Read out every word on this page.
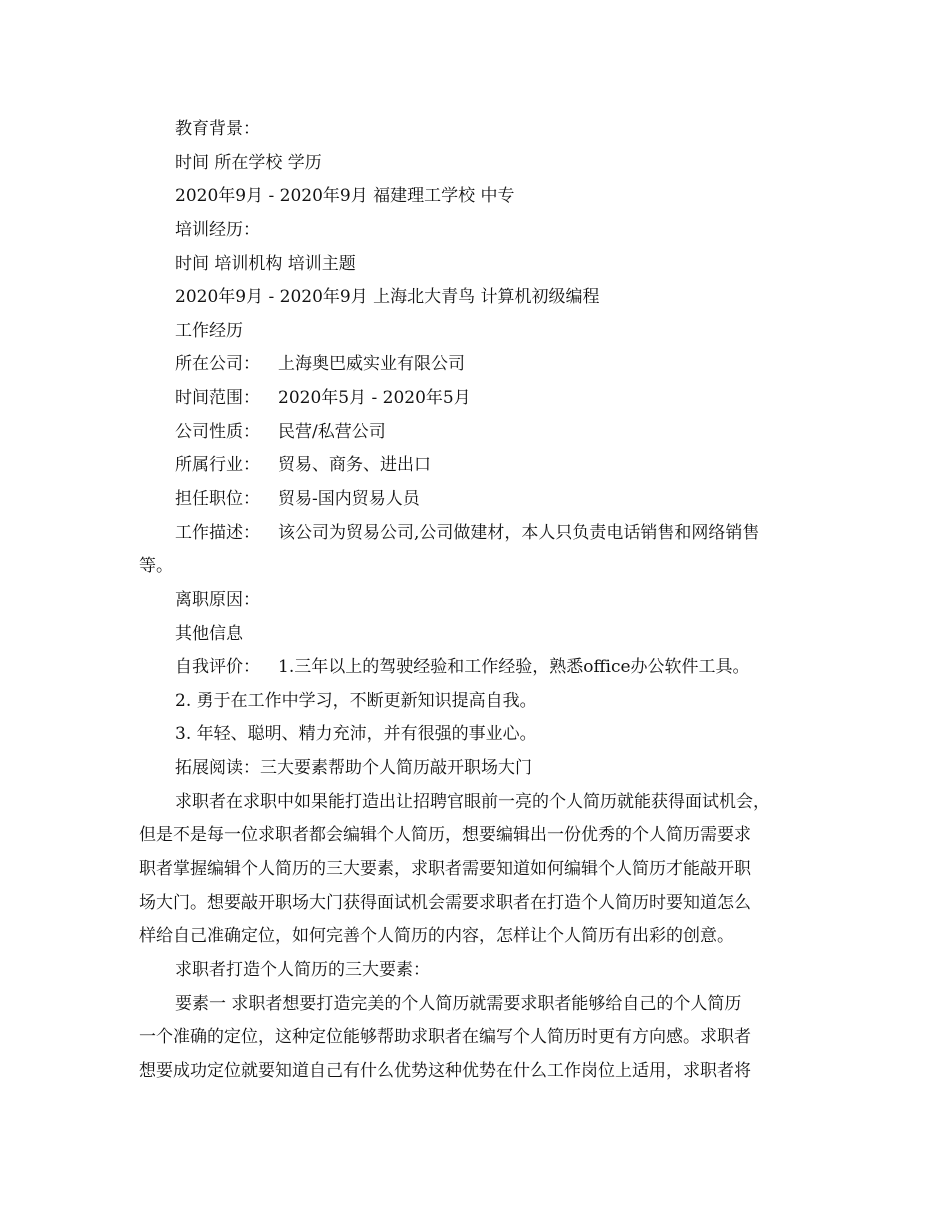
教育背景：
时间 所在学校 学历
2020年9月 - 2020年9月 福建理工学校 中专
培训经历：
时间 培训机构 培训主题
2020年9月 - 2020年9月 上海北大青鸟 计算机初级编程
工作经历
所在公司： 上海奥巴威实业有限公司
时间范围： 2020年5月 - 2020年5月
公司性质： 民营/私营公司
所属行业： 贸易、商务、进出口
担任职位： 贸易-国内贸易人员
工作描述： 该公司为贸易公司,公司做建材，本人只负责电话销售和网络销售
等。
离职原因：
其他信息
自我评价： 1.三年以上的驾驶经验和工作经验，熟悉office办公软件工具。
2. 勇于在工作中学习，不断更新知识提高自我。
3. 年轻、聪明、精力充沛，并有很强的事业心。
拓展阅读：三大要素帮助个人简历敲开职场大门
求职者在求职中如果能打造出让招聘官眼前一亮的个人简历就能获得面试机会，
但是不是每一位求职者都会编辑个人简历，想要编辑出一份优秀的个人简历需要求
职者掌握编辑个人简历的三大要素，求职者需要知道如何编辑个人简历才能敲开职
场大门。想要敲开职场大门获得面试机会需要求职者在打造个人简历时要知道怎么
样给自己准确定位，如何完善个人简历的内容，怎样让个人简历有出彩的创意。
求职者打造个人简历的三大要素：
要素一 求职者想要打造完美的个人简历就需要求职者能够给自己的个人简历
一个准确的定位，这种定位能够帮助求职者在编写个人简历时更有方向感。求职者
想要成功定位就要知道自己有什么优势这种优势在什么工作岗位上适用，求职者将
